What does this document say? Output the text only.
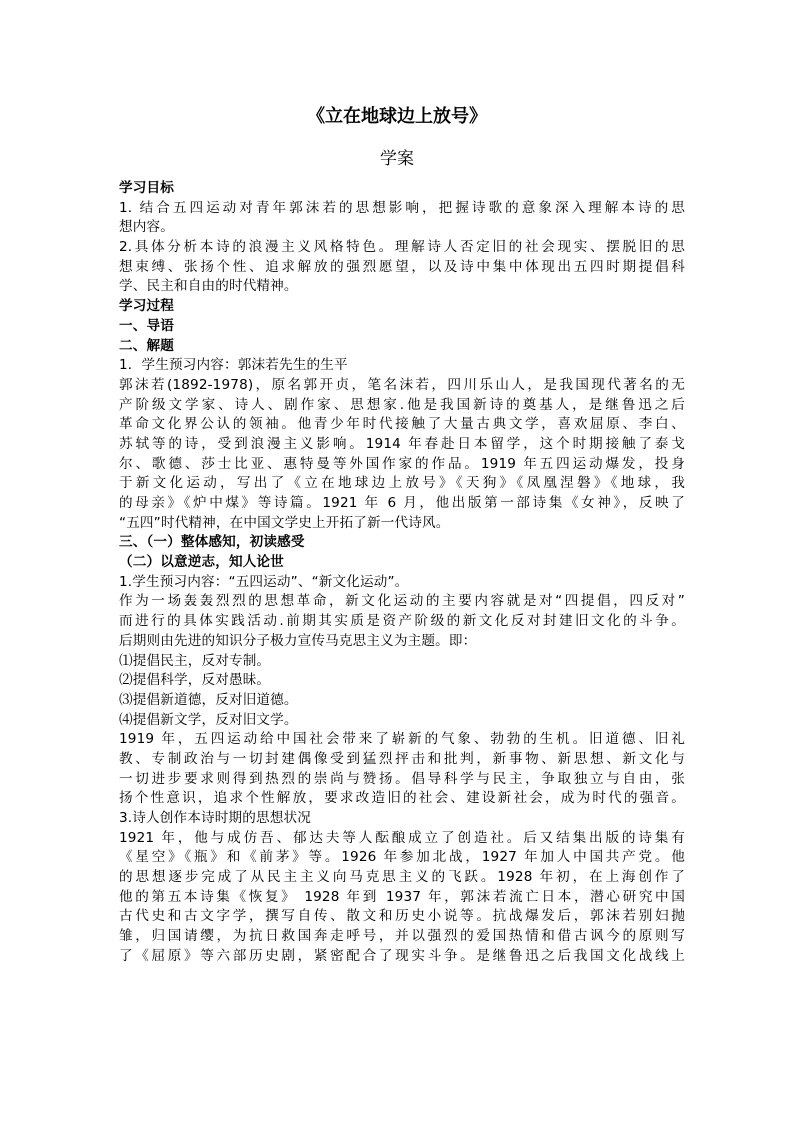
《立在地球边上放号》
学案
学习目标
1. 结合五四运动对青年郭沫若的思想影响，把握诗歌的意象深入理解本诗的思
想内容。
2.具体分析本诗的浪漫主义风格特色。理解诗人否定旧的社会现实、摆脱旧的思
想束缚、张扬个性、追求解放的强烈愿望，以及诗中集中体现出五四时期提倡科
学、民主和自由的时代精神。
学习过程
一、导语
二、解题
1．学生预习内容：郭沫若先生的生平
郭沫若(1892-1978)，原名郭开贞，笔名沫若，四川乐山人，是我国现代著名的无
产阶级文学家、诗人、剧作家、思想家.他是我国新诗的奠基人，是继鲁迅之后
革命文化界公认的领袖。他青少年时代接触了大量古典文学，喜欢屈原、李白、
苏轼等的诗，受到浪漫主义影响。1914 年春赴日本留学，这个时期接触了泰戈
尔、歌德、莎士比亚、惠特曼等外国作家的作品。1919 年五四运动爆发，投身
于新文化运动，写出了《立在地球边上放号》《天狗》《凤凰涅磐》《地球，我
的母亲》《炉中煤》等诗篇。1921 年 6 月，他出版第一部诗集《女神》，反映了
“五四”时代精神，在中国文学史上开拓了新一代诗风。
三、（一）整体感知，初读感受
（二）以意逆志，知人论世
1.学生预习内容：“五四运动”、“新文化运动”。
作为一场轰轰烈烈的思想革命，新文化运动的主要内容就是对“四提倡，四反对”
而进行的具体实践活动.前期其实质是资产阶级的新文化反对封建旧文化的斗争。
后期则由先进的知识分子极力宣传马克思主义为主题。即：
⑴提倡民主，反对专制。
⑵提倡科学，反对愚昧。
⑶提倡新道德，反对旧道德。
⑷提倡新文学，反对旧文学。
1919 年，五四运动给中国社会带来了崭新的气象、勃勃的生机。旧道德、旧礼
教、专制政治与一切封建偶像受到猛烈抨击和批判，新事物、新思想、新文化与
一切进步要求则得到热烈的崇尚与赞扬。倡导科学与民主，争取独立与自由，张
扬个性意识，追求个性解放，要求改造旧的社会、建设新社会，成为时代的强音。
3.诗人创作本诗时期的思想状况
1921 年，他与成仿吾、郁达夫等人酝酿成立了创造社。后又结集出版的诗集有
《星空》《瓶》和《前茅》等。1926 年参加北战，1927 年加人中国共产党。他
的思想逐步完成了从民主主义向马克思主义的飞跃。1928 年初，在上海创作了
他的第五本诗集《恢复》 1928 年到 1937 年，郭沫若流亡日本，潜心研究中国
古代史和古文字学，撰写自传、散文和历史小说等。抗战爆发后，郭沫若别妇抛
雏，归国请缨，为抗日救国奔走呼号，并以强烈的爱国热情和借古讽今的原则写
了《屈原》等六部历史剧，紧密配合了现实斗争。是继鲁迅之后我国文化战线上
